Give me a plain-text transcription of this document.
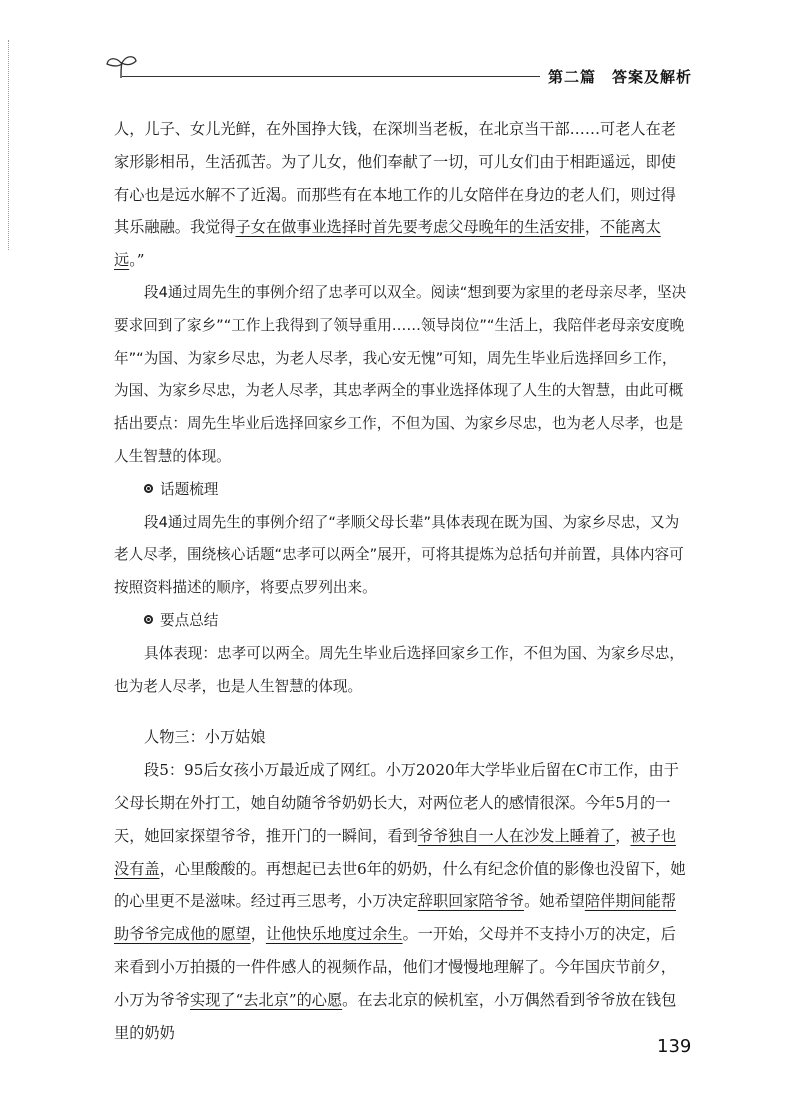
第二篇　答案及解析

人，儿子、女儿光鲜，在外国挣大钱，在深圳当老板，在北京当干部……可老人在老家形影相吊，生活孤苦。为了儿女，他们奉献了一切，可儿女们由于相距遥远，即使有心也是远水解不了近渴。而那些有在本地工作的儿女陪伴在身边的老人们，则过得其乐融融。我觉得子女在做事业选择时首先要考虑父母晚年的生活安排，不能离太远。”

段4通过周先生的事例介绍了忠孝可以双全。阅读“想到要为家里的老母亲尽孝，坚决要求回到了家乡”“工作上我得到了领导重用……领导岗位”“生活上，我陪伴老母亲安度晚年”“为国、为家乡尽忠，为老人尽孝，我心安无愧”可知，周先生毕业后选择回乡工作，为国、为家乡尽忠，为老人尽孝，其忠孝两全的事业选择体现了人生的大智慧，由此可概括出要点：周先生毕业后选择回家乡工作，不但为国、为家乡尽忠，也为老人尽孝，也是人生智慧的体现。

话题梳理

段4通过周先生的事例介绍了“孝顺父母长辈”具体表现在既为国、为家乡尽忠，又为老人尽孝，围绕核心话题“忠孝可以两全”展开，可将其提炼为总括句并前置，具体内容可按照资料描述的顺序，将要点罗列出来。

要点总结

具体表现：忠孝可以两全。周先生毕业后选择回家乡工作，不但为国、为家乡尽忠，也为老人尽孝，也是人生智慧的体现。

人物三：小万姑娘

段5：95后女孩小万最近成了网红。小万2020年大学毕业后留在C市工作，由于父母长期在外打工，她自幼随爷爷奶奶长大，对两位老人的感情很深。今年5月的一天，她回家探望爷爷，推开门的一瞬间，看到爷爷独自一人在沙发上睡着了，被子也没有盖，心里酸酸的。再想起已去世6年的奶奶，什么有纪念价值的影像也没留下，她的心里更不是滋味。经过再三思考，小万决定辞职回家陪爷爷。她希望陪伴期间能帮助爷爷完成他的愿望，让他快乐地度过余生。一开始，父母并不支持小万的决定，后来看到小万拍摄的一件件感人的视频作品，他们才慢慢地理解了。今年国庆节前夕，小万为爷爷实现了“去北京”的心愿。在去北京的候机室，小万偶然看到爷爷放在钱包里的奶奶

139
